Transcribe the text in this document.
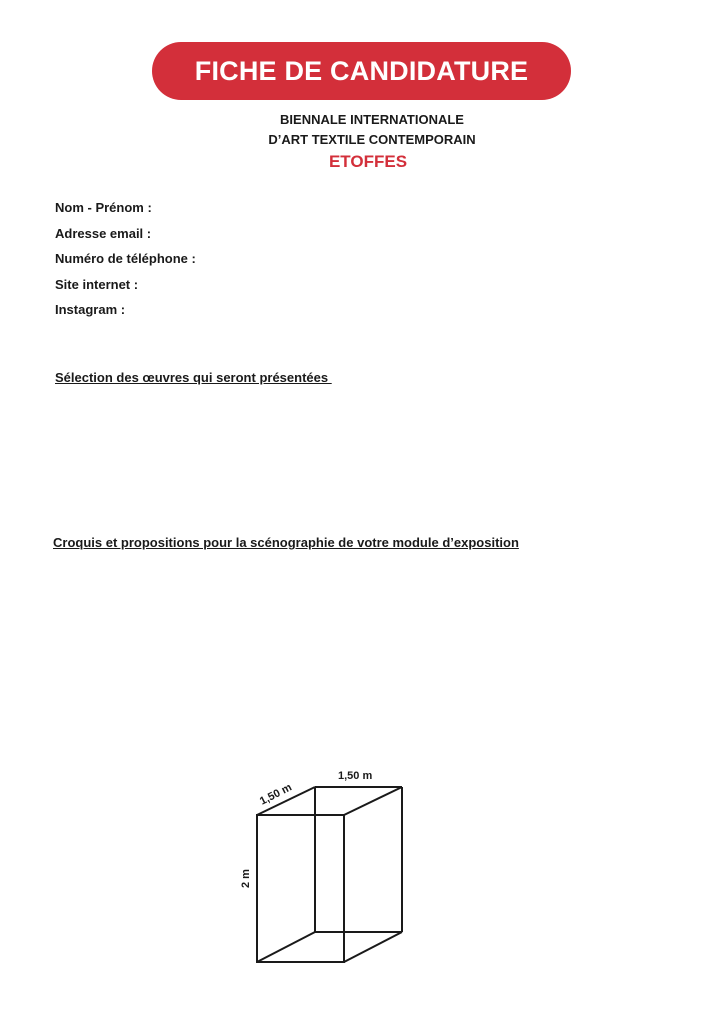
FICHE DE CANDIDATURE
BIENNALE INTERNATIONALE
D’ART TEXTILE CONTEMPORAIN
ETOFFES
Nom - Prénom :
Adresse email :
Numéro de téléphone :
Site internet :
Instagram :
Sélection des œuvres qui seront présentées
Croquis et propositions pour la scénographie de votre module d’exposition
1,50 m
1,50 m
2 m
